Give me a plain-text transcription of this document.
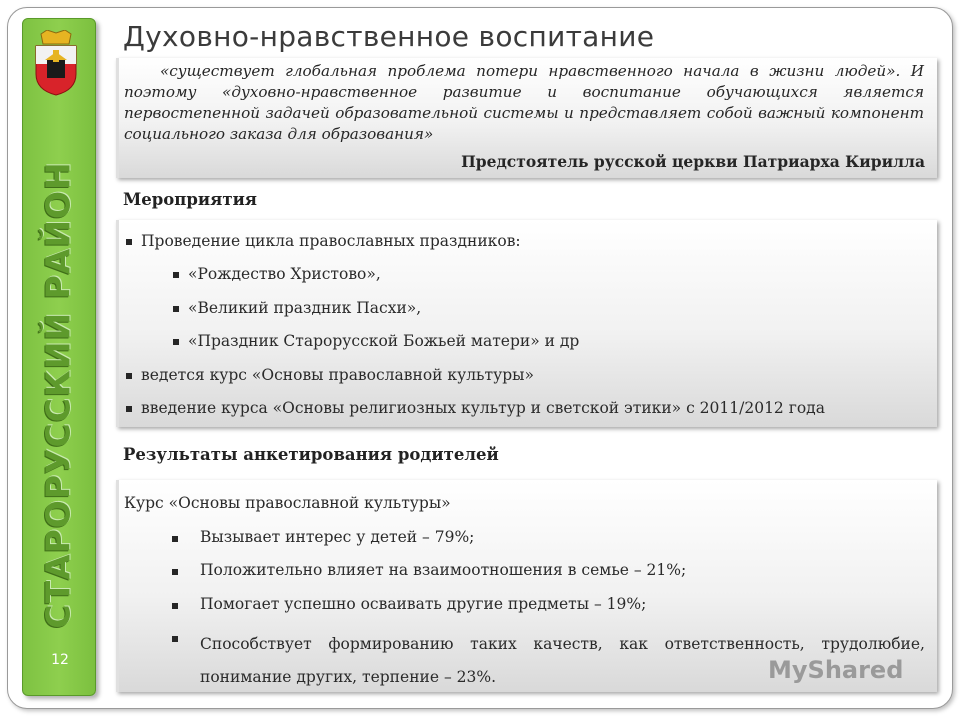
СТАРОРУССКИЙ РАЙОН
12
Духовно-нравственное воспитание
«существует глобальная проблема потери нравственного начала в жизни людей». И поэтому «духовно-нравственное развитие и воспитание обучающихся является первостепенной задачей образовательной системы и представляет собой важный компонент социального заказа для образования»
Предстоятель русской церкви Патриарха Кирилла
Мероприятия
Проведение цикла православных праздников:
«Рождество Христово»,
«Великий праздник Пасхи»,
«Праздник Старорусской Божьей матери» и др
ведется курс «Основы православной культуры»
введение курса «Основы религиозных культур и светской этики» с 2011/2012 года
Результаты анкетирования родителей
Курс «Основы православной культуры»
Вызывает интерес у детей – 79%;
Положительно влияет на взаимоотношения в семье – 21%;
Помогает успешно осваивать другие предметы – 19%;
Способствует формированию таких качеств, как ответственность, трудолюбие, понимание других, терпение – 23%.	MyShared
